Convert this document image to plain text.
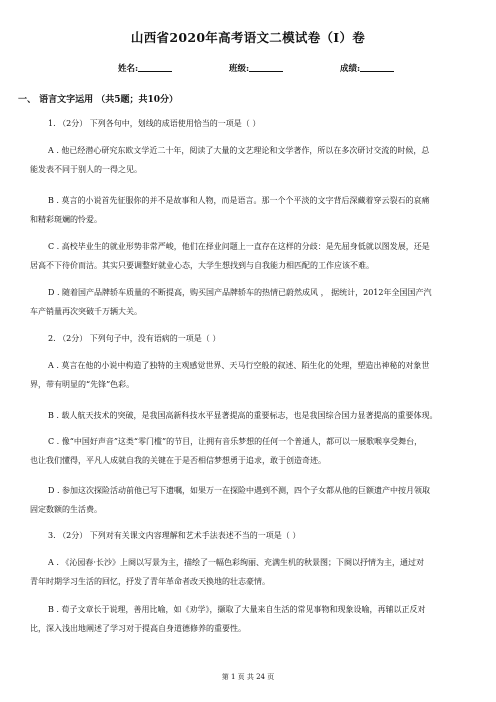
山西省2020年高考语文二模试卷（I）卷
姓名:	班级:	成绩:
一、 语言文字运用 （共5题；共10分）
1. （2分） 下列各句中，划线的成语使用恰当的一项是（ ）
A . 他已经潜心研究东欧文学近二十年，阅读了大量的文艺理论和文学著作，所以在多次研讨交流的时候，总
能发表不同于别人的一得之见。
B . 莫言的小说首先征服你的并不是故事和人物，而是语言。那一个个平淡的文字背后深藏着穿云裂石的哀痛
和精彩斑斓的怜爱。
C . 高校毕业生的就业形势非常严峻，他们在择业问题上一直存在这样的分歧：是先屈身低就以图发展，还是
居高不下待价而沽。其实只要调整好就业心态，大学生想找到与自我能力相匹配的工作应该不难。
D . 随着国产品牌轿车质量的不断提高，购买国产品牌轿车的热情已蔚然成风 ， 据统计，2012年全国国产汽
车产销量再次突破千万辆大关。
2. （2分） 下列句子中，没有语病的一项是（ ）
A . 莫言在他的小说中构造了独特的主观感觉世界、天马行空般的叙述、陌生化的处理，塑造出神秘的对象世
界，带有明显的“先锋”色彩。
B . 载人航天技术的突破，是我国高新科技水平显著提高的重要标志，也是我国综合国力显著提高的重要体现。
C . 像“中国好声音”这类“零门槛”的节目，让拥有音乐梦想的任何一个普通人，都可以一展歌喉享受舞台，
也让我们懂得，平凡人成就自我的关键在于是否相信梦想勇于追求，敢于创造奇迹。
D . 参加这次探险活动前他已写下遗嘱，如果万一在探险中遇到不测，四个子女都从他的巨额遗产中按月领取
固定数额的生活费。
3. （2分） 下列对有关课文内容理解和艺术手法表述不当的一项是（ ）
A . 《沁园春·长沙》上阕以写景为主，描绘了一幅色彩绚丽、充满生机的秋景图；下阕以抒情为主，通过对
青年时期学习生活的回忆，抒发了青年革命者改天换地的壮志豪情。
B . 荀子文章长于说理，善用比喻，如《劝学》，撷取了大量来自生活的常见事物和现象设喻，再辅以正反对
比，深入浅出地阐述了学习对于提高自身道德修养的重要性。
第 1 页 共 24 页
